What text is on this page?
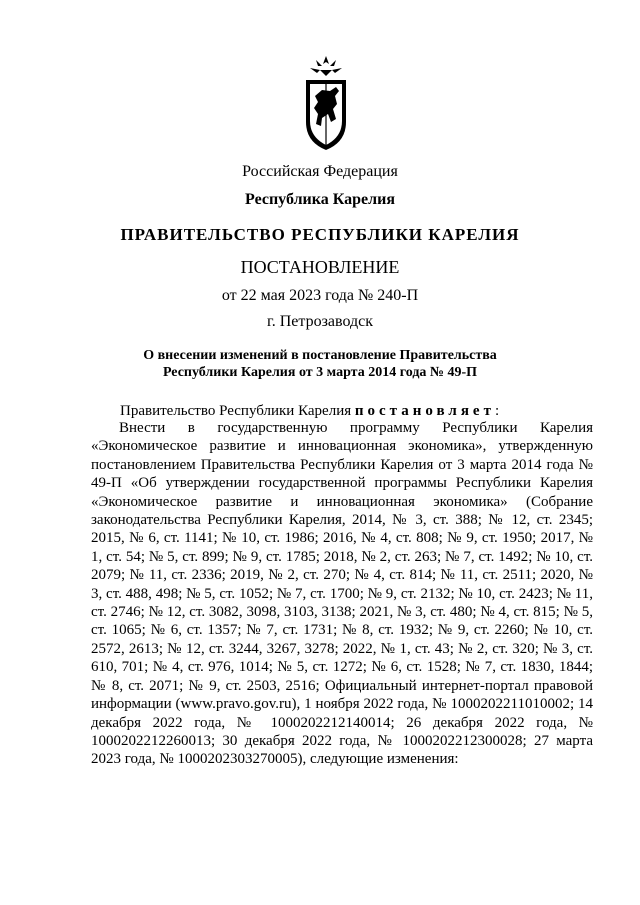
Российская Федерация
Республика Карелия
ПРАВИТЕЛЬСТВО РЕСПУБЛИКИ КАРЕЛИЯ
ПОСТАНОВЛЕНИЕ
от 22 мая 2023 года № 240-П
г. Петрозаводск
О внесении изменений в постановление Правительства
Республики Карелия от 3 марта 2014 года № 49-П
Правительство Республики Карелия постановляет:

Внести в государственную программу Республики Карелия «Экономическое развитие и инновационная экономика», утвержденную постановлением Правительства Республики Карелия от 3 марта 2014 года № 49-П «Об утверждении государственной программы Республики Карелия «Экономическое развитие и инновационная экономика» (Собрание законодательства Республики Карелия, 2014, № 3, ст. 388; № 12, ст. 2345; 2015, № 6, ст. 1141; № 10, ст. 1986; 2016, № 4, ст. 808; № 9, ст. 1950; 2017, № 1, ст. 54; № 5, ст. 899; № 9, ст. 1785; 2018, № 2, ст. 263; № 7, ст. 1492; № 10, ст. 2079; № 11, ст. 2336; 2019, № 2, ст. 270; № 4, ст. 814; № 11, ст. 2511; 2020, № 3, ст. 488, 498; № 5, ст. 1052; № 7, ст. 1700; № 9, ст. 2132; № 10, ст. 2423; № 11, ст. 2746; № 12, ст. 3082, 3098, 3103, 3138; 2021, № 3, ст. 480; № 4, ст. 815; № 5, ст. 1065; № 6, ст. 1357; № 7, ст. 1731; № 8, ст. 1932; № 9, ст. 2260; № 10, ст. 2572, 2613; № 12, ст. 3244, 3267, 3278; 2022, № 1, ст. 43; № 2, ст. 320; № 3, ст. 610, 701; № 4, ст. 976, 1014; № 5, ст. 1272; № 6, ст. 1528; № 7, ст. 1830, 1844; № 8, ст. 2071; № 9, ст. 2503, 2516; Официальный интернет-портал правовой информации (www.pravo.gov.ru), 1 ноября 2022 года, № 1000202211010002; 14 декабря 2022 года, № 1000202212140014; 26 декабря 2022 года, № 1000202212260013; 30 декабря 2022 года, № 1000202212300028; 27 марта 2023 года, № 1000202303270005), следующие изменения:
